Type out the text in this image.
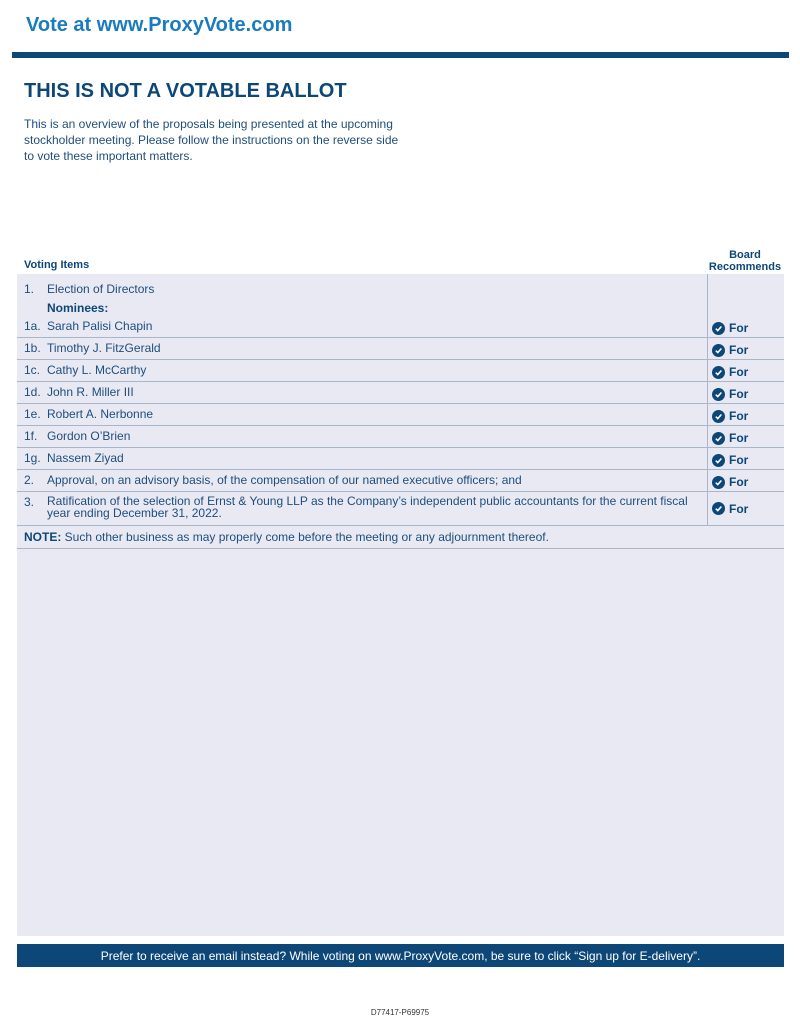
Vote at www.ProxyVote.com
THIS IS NOT A VOTABLE BALLOT
This is an overview of the proposals being presented at the upcoming stockholder meeting. Please follow the instructions on the reverse side to vote these important matters.
Voting Items
Board Recommends
1. Election of Directors
Nominees:
1a. Sarah Palisi Chapin	For
1b. Timothy J. FitzGerald	For
1c. Cathy L. McCarthy	For
1d. John R. Miller III	For
1e. Robert A. Nerbonne	For
1f. Gordon O’Brien	For
1g. Nassem Ziyad	For
2. Approval, on an advisory basis, of the compensation of our named executive officers; and	For
3.	Ratification of the selection of Ernst & Young LLP as the Company’s independent public accountants for the current fiscal year ending December 31, 2022.	For
NOTE: Such other business as may properly come before the meeting or any adjournment thereof.
Prefer to receive an email instead? While voting on www.ProxyVote.com, be sure to click “Sign up for E-delivery”.
D77417-P69975
